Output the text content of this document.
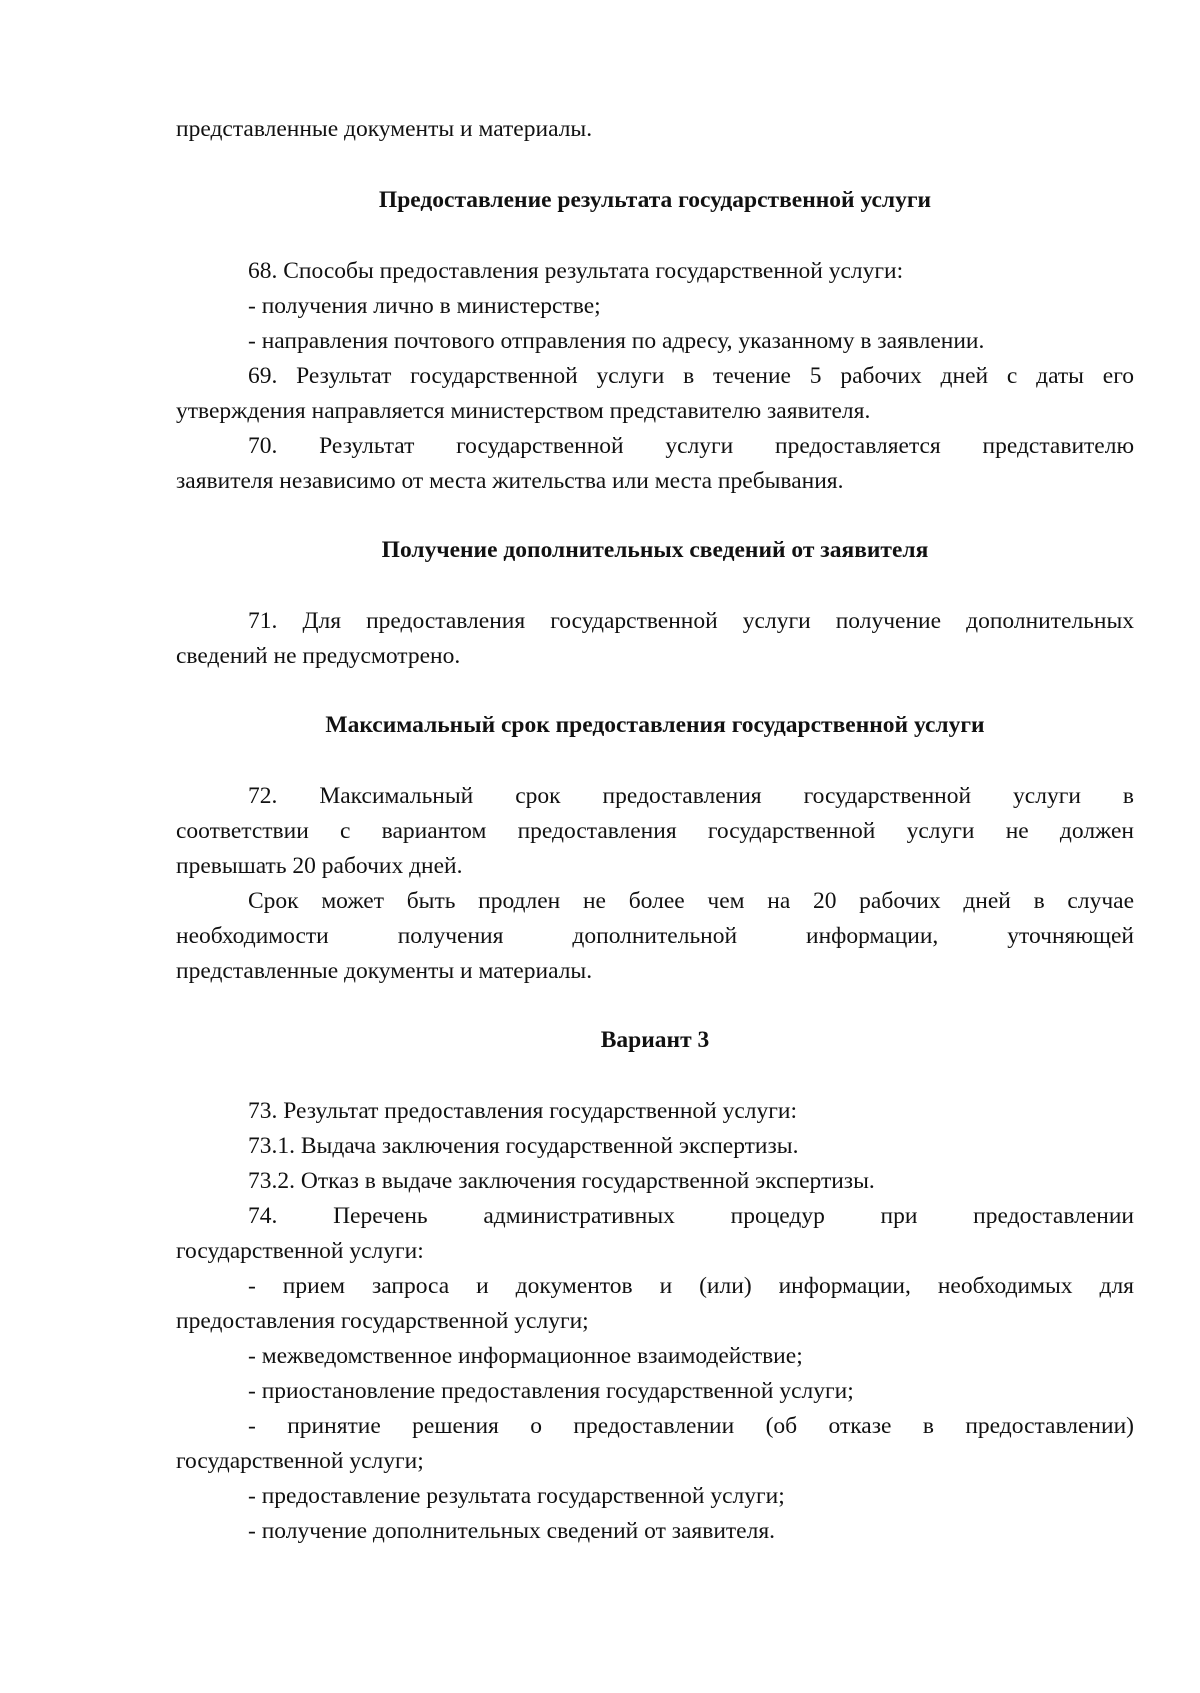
представленные документы и материалы.
Предоставление результата государственной услуги
68. Способы предоставления результата государственной услуги:
- получения лично в министерстве;
- направления почтового отправления по адресу, указанному в заявлении.
69. Результат государственной услуги в течение 5 рабочих дней с даты его
утверждения направляется министерством представителю заявителя.
70. Результат государственной услуги предоставляется представителю
заявителя независимо от места жительства или места пребывания.
Получение дополнительных сведений от заявителя
71. Для предоставления государственной услуги получение дополнительных
сведений не предусмотрено.
Максимальный срок предоставления государственной услуги
72. Максимальный срок предоставления государственной услуги в
соответствии с вариантом предоставления государственной услуги не должен
превышать 20 рабочих дней.
Срок может быть продлен не более чем на 20 рабочих дней в случае
необходимости получения дополнительной информации, уточняющей
представленные документы и материалы.
Вариант 3
73. Результат предоставления государственной услуги:
73.1. Выдача заключения государственной экспертизы.
73.2. Отказ в выдаче заключения государственной экспертизы.
74. Перечень административных процедур при предоставлении
государственной услуги:
- прием запроса и документов и (или) информации, необходимых для
предоставления государственной услуги;
- межведомственное информационное взаимодействие;
- приостановление предоставления государственной услуги;
- принятие решения о предоставлении (об отказе в предоставлении)
государственной услуги;
- предоставление результата государственной услуги;
- получение дополнительных сведений от заявителя.
